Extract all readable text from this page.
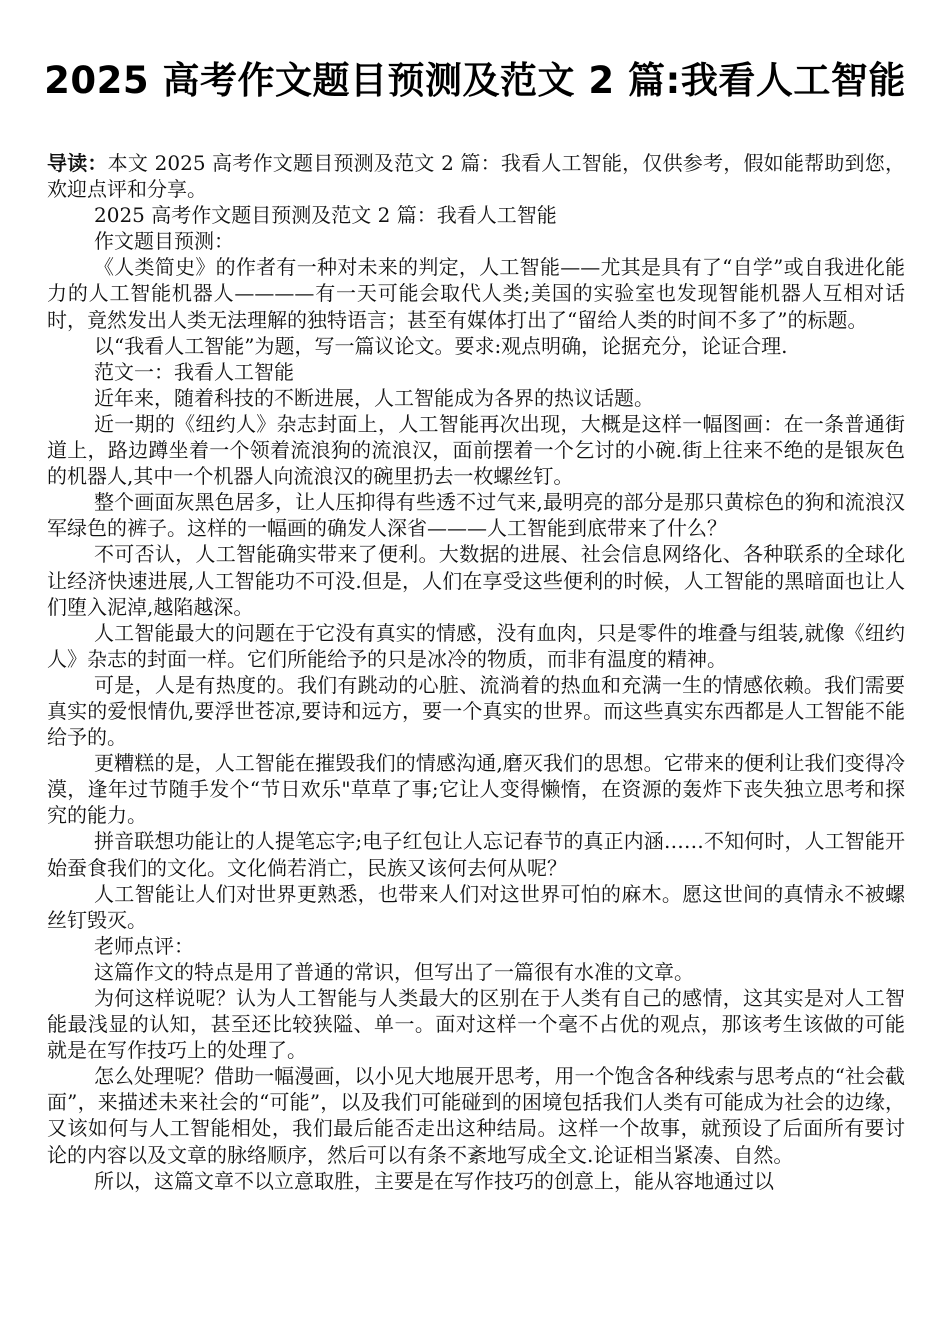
2025 高考作文题目预测及范文 2 篇:我看人工智能

导读：本文 2025 高考作文题目预测及范文 2 篇：我看人工智能，仅供参考，假如能帮助到您，欢迎点评和分享。

2025 高考作文题目预测及范文 2 篇：我看人工智能

作文题目预测：

《人类简史》的作者有一种对未来的判定，人工智能——尤其是具有了“自学”或自我进化能力的人工智能机器人————有一天可能会取代人类;美国的实验室也发现智能机器人互相对话时，竟然发出人类无法理解的独特语言；甚至有媒体打出了“留给人类的时间不多了”的标题。

以“我看人工智能”为题，写一篇议论文。要求:观点明确，论据充分，论证合理.

范文一：我看人工智能

近年来，随着科技的不断进展，人工智能成为各界的热议话题。

近一期的《纽约人》杂志封面上，人工智能再次出现，大概是这样一幅图画：在一条普通街道上，路边蹲坐着一个领着流浪狗的流浪汉，面前摆着一个乞讨的小碗.街上往来不绝的是银灰色的机器人,其中一个机器人向流浪汉的碗里扔去一枚螺丝钉。

整个画面灰黑色居多，让人压抑得有些透不过气来,最明亮的部分是那只黄棕色的狗和流浪汉军绿色的裤子。这样的一幅画的确发人深省———人工智能到底带来了什么？

不可否认，人工智能确实带来了便利。大数据的进展、社会信息网络化、各种联系的全球化让经济快速进展,人工智能功不可没.但是，人们在享受这些便利的时候，人工智能的黑暗面也让人们堕入泥淖,越陷越深。

人工智能最大的问题在于它没有真实的情感，没有血肉，只是零件的堆叠与组装,就像《纽约人》杂志的封面一样。它们所能给予的只是冰冷的物质，而非有温度的精神。

可是，人是有热度的。我们有跳动的心脏、流淌着的热血和充满一生的情感依赖。我们需要真实的爱恨情仇,要浮世苍凉,要诗和远方，要一个真实的世界。而这些真实东西都是人工智能不能给予的。

更糟糕的是，人工智能在摧毁我们的情感沟通,磨灭我们的思想。它带来的便利让我们变得冷漠，逢年过节随手发个“节日欢乐"草草了事;它让人变得懒惰，在资源的轰炸下丧失独立思考和探究的能力。

拼音联想功能让的人提笔忘字;电子红包让人忘记春节的真正内涵……不知何时，人工智能开始蚕食我们的文化。文化倘若消亡，民族又该何去何从呢？

人工智能让人们对世界更熟悉，也带来人们对这世界可怕的麻木。愿这世间的真情永不被螺丝钉毁灭。

老师点评：

这篇作文的特点是用了普通的常识，但写出了一篇很有水准的文章。

为何这样说呢？认为人工智能与人类最大的区别在于人类有自己的感情，这其实是对人工智能最浅显的认知，甚至还比较狭隘、单一。面对这样一个毫不占优的观点，那该考生该做的可能就是在写作技巧上的处理了。

怎么处理呢？借助一幅漫画，以小见大地展开思考，用一个饱含各种线索与思考点的“社会截面”，来描述未来社会的“可能”，以及我们可能碰到的困境包括我们人类有可能成为社会的边缘，又该如何与人工智能相处，我们最后能否走出这种结局。这样一个故事，就预设了后面所有要讨论的内容以及文章的脉络顺序，然后可以有条不紊地写成全文.论证相当紧凑、自然。

所以，这篇文章不以立意取胜，主要是在写作技巧的创意上，能从容地通过以
